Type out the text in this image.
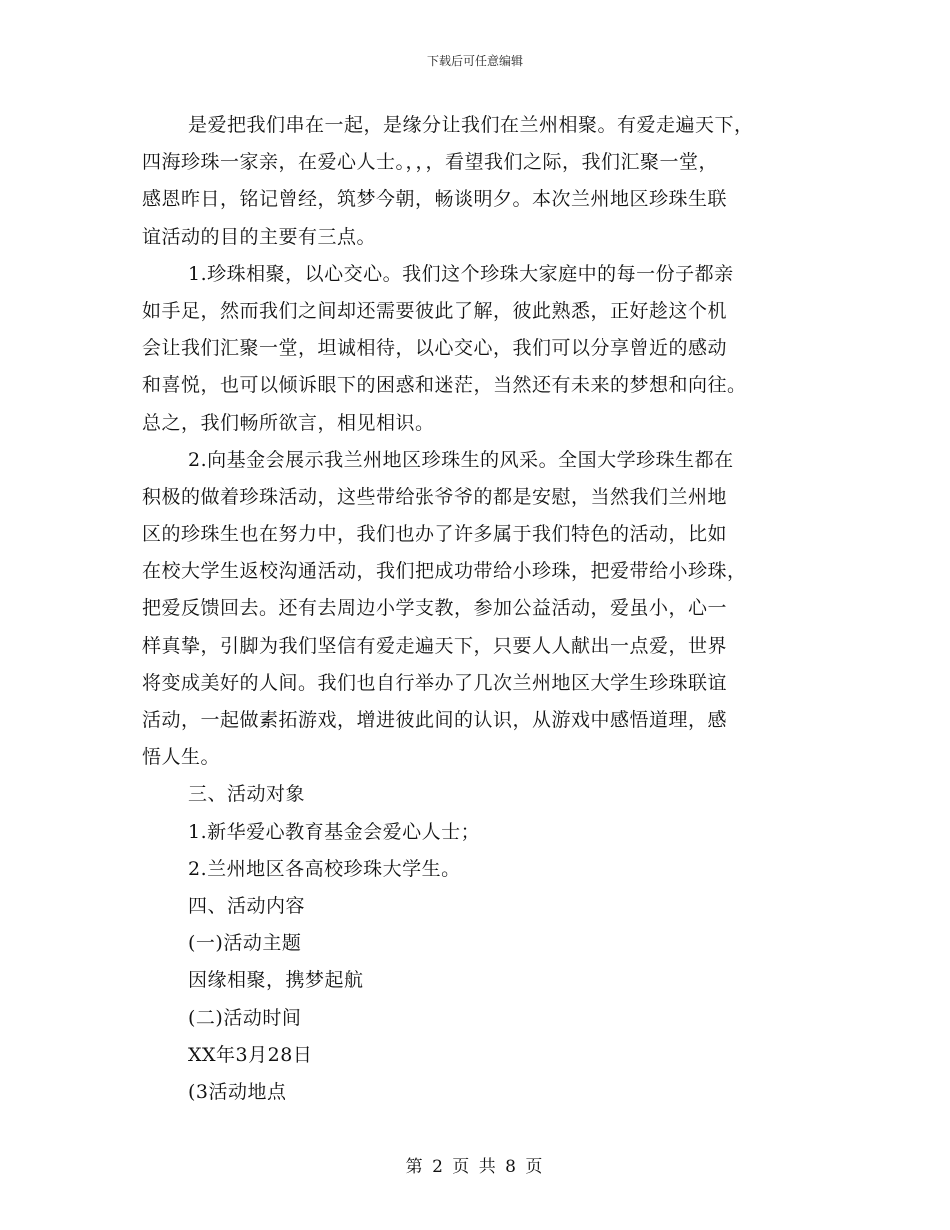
下载后可任意编辑
是爱把我们串在一起，是缘分让我们在兰州相聚。有爱走遍天下，
四海珍珠一家亲，在爱心人士。，，，看望我们之际，我们汇聚一堂，
感恩昨日，铭记曾经，筑梦今朝，畅谈明夕。本次兰州地区珍珠生联
谊活动的目的主要有三点。
1.珍珠相聚，以心交心。我们这个珍珠大家庭中的每一份子都亲
如手足，然而我们之间却还需要彼此了解，彼此熟悉，正好趁这个机
会让我们汇聚一堂，坦诚相待，以心交心，我们可以分享曾近的感动
和喜悦，也可以倾诉眼下的困惑和迷茫，当然还有未来的梦想和向往。
总之，我们畅所欲言，相见相识。
2.向基金会展示我兰州地区珍珠生的风采。全国大学珍珠生都在
积极的做着珍珠活动，这些带给张爷爷的都是安慰，当然我们兰州地
区的珍珠生也在努力中，我们也办了许多属于我们特色的活动，比如
在校大学生返校沟通活动，我们把成功带给小珍珠，把爱带给小珍珠，
把爱反馈回去。还有去周边小学支教，参加公益活动，爱虽小，心一
样真挚，引脚为我们坚信有爱走遍天下，只要人人献出一点爱，世界
将变成美好的人间。我们也自行举办了几次兰州地区大学生珍珠联谊
活动，一起做素拓游戏，增进彼此间的认识，从游戏中感悟道理，感
悟人生。
三、活动对象
1.新华爱心教育基金会爱心人士；
2.兰州地区各高校珍珠大学生。
四、活动内容
(一)活动主题
因缘相聚，携梦起航
(二)活动时间
XX年3月28日
(3活动地点
第 2 页 共 8 页
